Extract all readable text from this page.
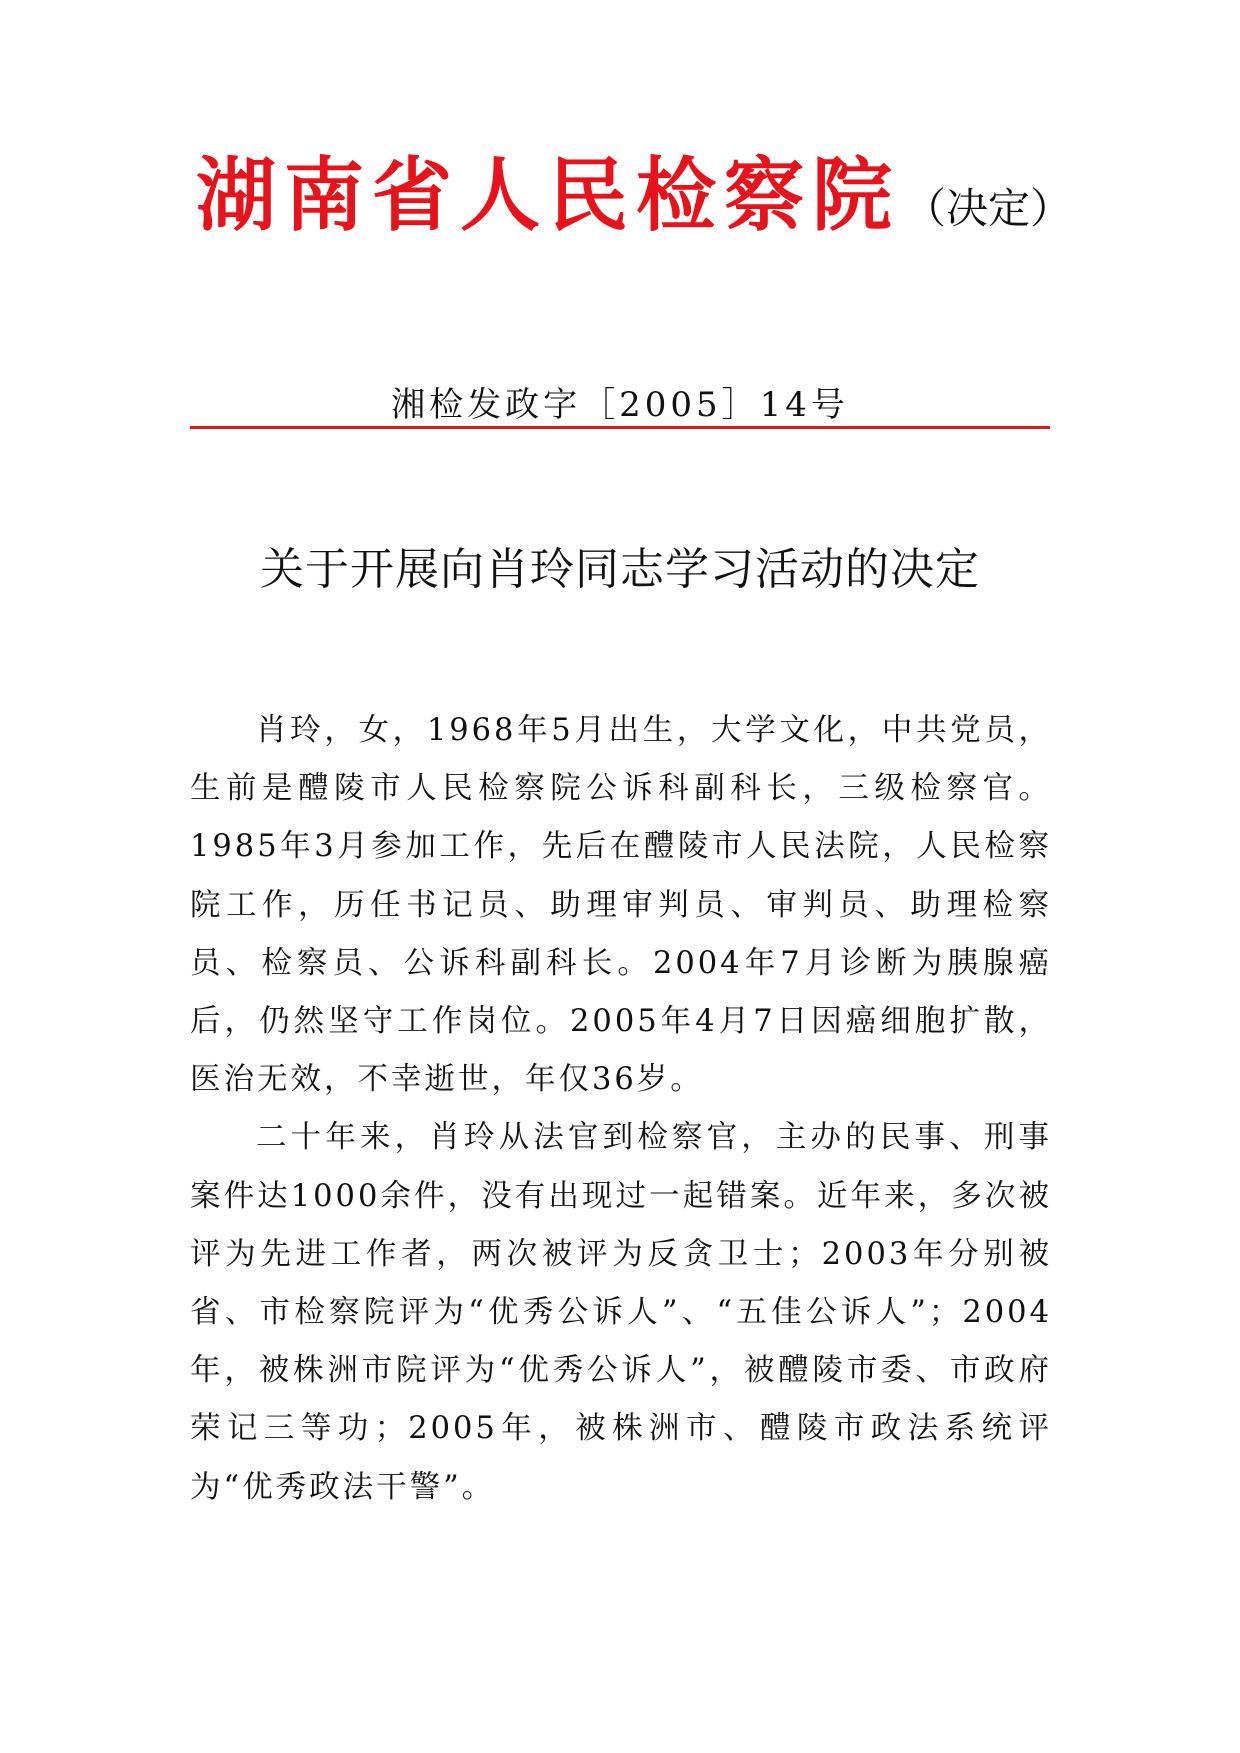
湖南省人民检察院（决定）
湘检发政字［2005］14号
关于开展向肖玲同志学习活动的决定

肖玲，女，1968年5月出生，大学文化，中共党员，生前是醴陵市人民检察院公诉科副科长，三级检察官。1985年3月参加工作，先后在醴陵市人民法院，人民检察院工作，历任书记员、助理审判员、审判员、助理检察员、检察员、公诉科副科长。2004年7月诊断为胰腺癌后，仍然坚守工作岗位。2005年4月7日因癌细胞扩散，医治无效，不幸逝世，年仅36岁。

二十年来，肖玲从法官到检察官，主办的民事、刑事案件达1000余件，没有出现过一起错案。近年来，多次被评为先进工作者，两次被评为反贪卫士；2003年分别被省、市检察院评为“优秀公诉人”、“五佳公诉人”；2004年，被株洲市院评为“优秀公诉人”，被醴陵市委、市政府荣记三等功；2005年，被株洲市、醴陵市政法系统评为“优秀政法干警”。
